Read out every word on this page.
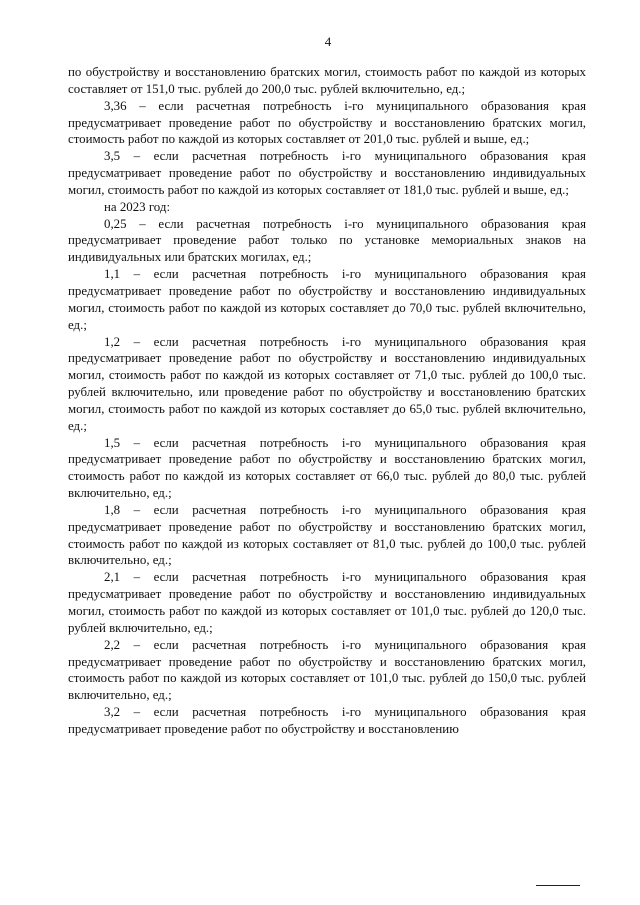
4

по обустройству и восстановлению братских могил, стоимость работ по каждой из которых составляет от 151,0 тыс. рублей до 200,0 тыс. рублей включительно, ед.;

3,36 – если расчетная потребность i-го муниципального образования края предусматривает проведение работ по обустройству и восстановлению братских могил, стоимость работ по каждой из которых составляет от 201,0 тыс. рублей и выше, ед.;

3,5 – если расчетная потребность i-го муниципального образования края предусматривает проведение работ по обустройству и восстановлению индивидуальных могил, стоимость работ по каждой из которых составляет от 181,0 тыс. рублей и выше, ед.;

на 2023 год:

0,25 – если расчетная потребность i-го муниципального образования края предусматривает проведение работ только по установке мемориальных знаков на индивидуальных или братских могилах, ед.;

1,1 – если расчетная потребность i-го муниципального образования края предусматривает проведение работ по обустройству и восстановлению индивидуальных могил, стоимость работ по каждой из которых составляет до 70,0 тыс. рублей включительно, ед.;

1,2 – если расчетная потребность i-го муниципального образования края предусматривает проведение работ по обустройству и восстановлению индивидуальных могил, стоимость работ по каждой из которых составляет от 71,0 тыс. рублей до 100,0 тыс. рублей включительно, или проведение работ по обустройству и восстановлению братских могил, стоимость работ по каждой из которых составляет до 65,0 тыс. рублей включительно, ед.;

1,5 – если расчетная потребность i-го муниципального образования края предусматривает проведение работ по обустройству и восстановлению братских могил, стоимость работ по каждой из которых составляет от 66,0 тыс. рублей до 80,0 тыс. рублей включительно, ед.;

1,8 – если расчетная потребность i-го муниципального образования края предусматривает проведение работ по обустройству и восстановлению братских могил, стоимость работ по каждой из которых составляет от 81,0 тыс. рублей до 100,0 тыс. рублей включительно, ед.;

2,1 – если расчетная потребность i-го муниципального образования края предусматривает проведение работ по обустройству и восстановлению индивидуальных могил, стоимость работ по каждой из которых составляет от 101,0 тыс. рублей до 120,0 тыс. рублей включительно, ед.;

2,2 – если расчетная потребность i-го муниципального образования края предусматривает проведение работ по обустройству и восстановлению братских могил, стоимость работ по каждой из которых составляет от 101,0 тыс. рублей до 150,0 тыс. рублей включительно, ед.;

3,2 – если расчетная потребность i-го муниципального образования края предусматривает проведение работ по обустройству и восстановлению
